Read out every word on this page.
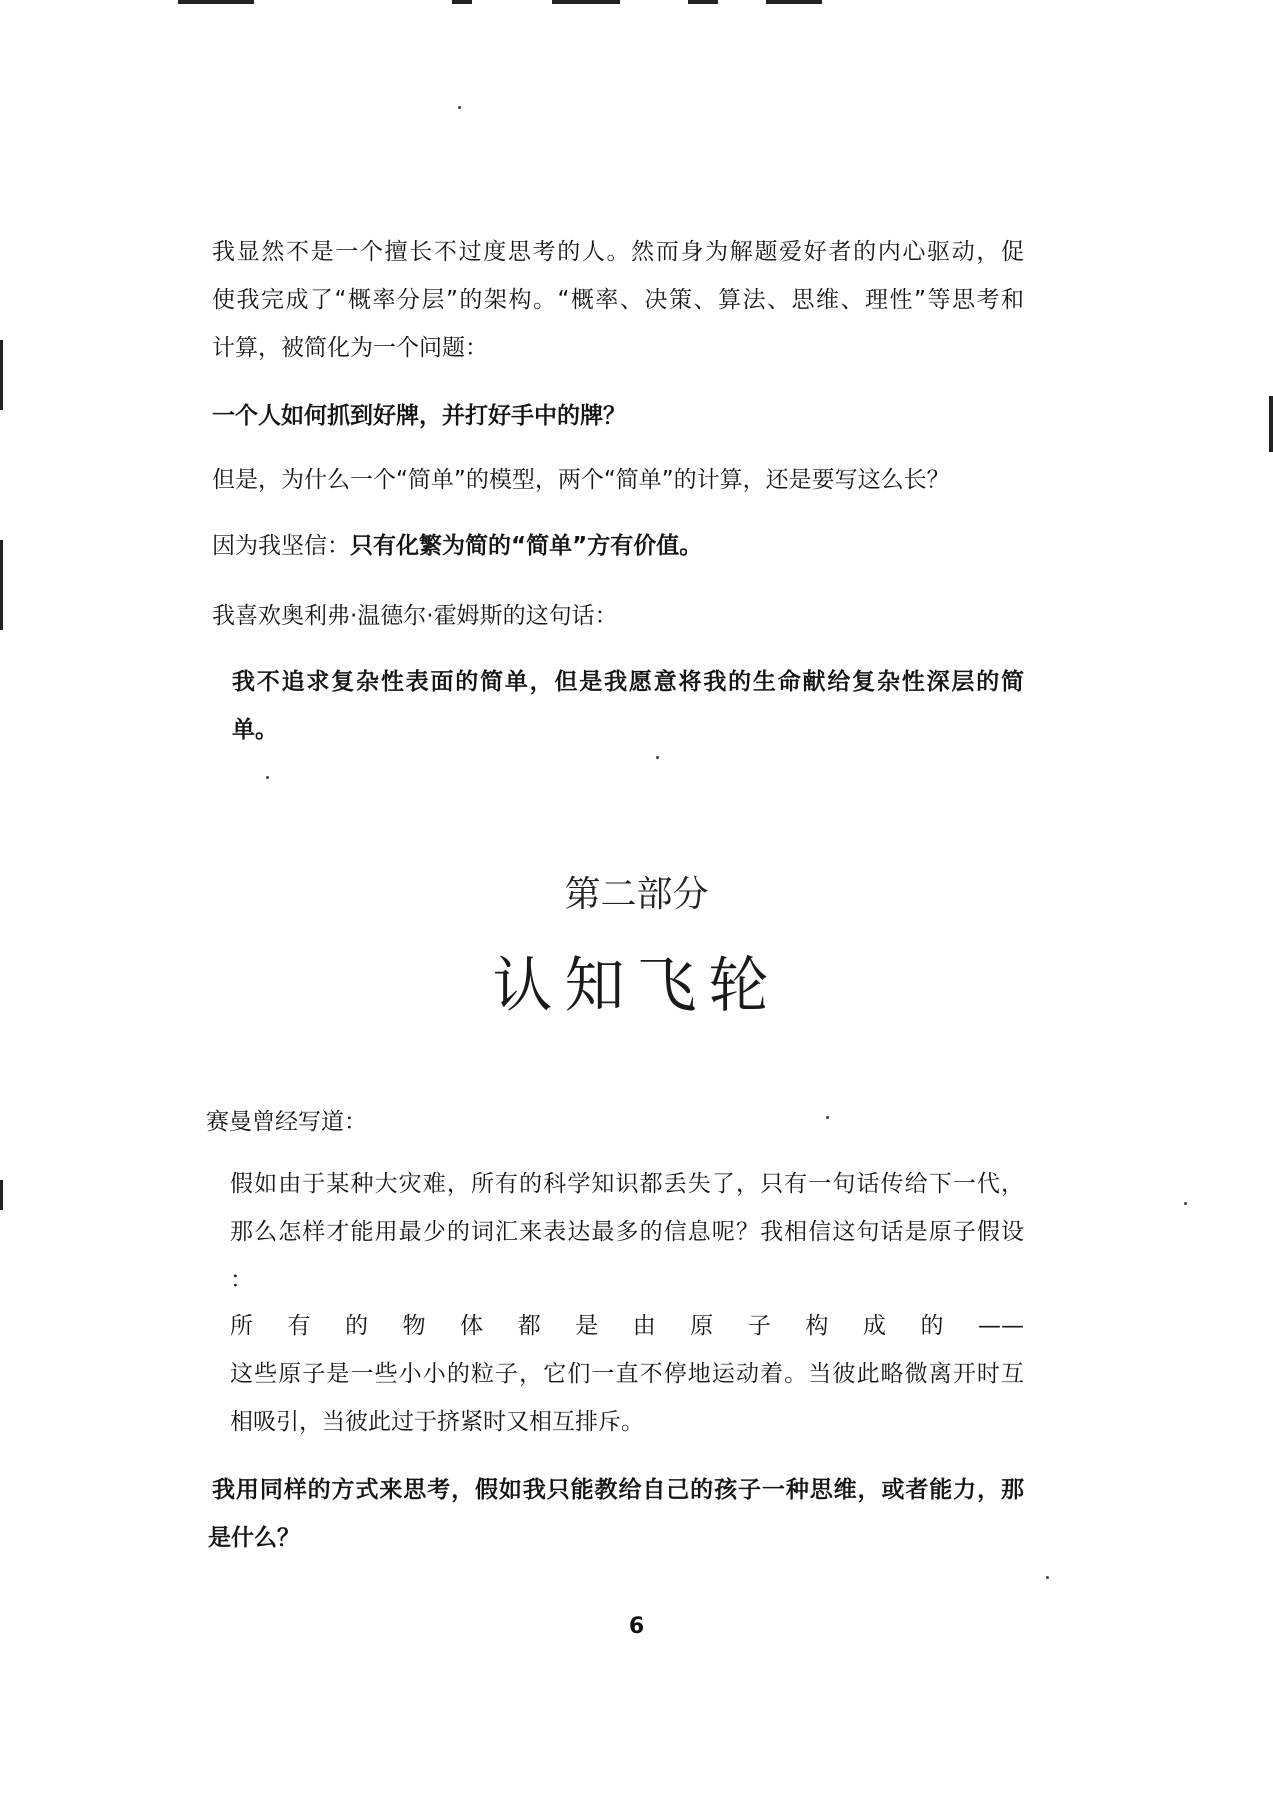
我显然不是一个擅长不过度思考的人。然而身为解题爱好者的内心驱动，促
使我完成了“概率分层”的架构。“概率、决策、算法、思维、理性”等思考和
计算，被简化为一个问题：
一个人如何抓到好牌，并打好手中的牌？
但是，为什么一个“简单”的模型，两个“简单”的计算，还是要写这么长？
因为我坚信：只有化繁为简的“简单”方有价值。
我喜欢奥利弗·温德尔·霍姆斯的这句话：
我不追求复杂性表面的简单，但是我愿意将我的生命献给复杂性深层的简
单。
第二部分
认知飞轮
赛曼曾经写道：
假如由于某种大灾难，所有的科学知识都丢失了，只有一句话传给下一代，
那么怎样才能用最少的词汇来表达最多的信息呢？我相信这句话是原子假设
：
所 有 的 物 体 都 是 由 原 子 构 成 的 ——
这些原子是一些小小的粒子，它们一直不停地运动着。当彼此略微离开时互
相吸引，当彼此过于挤紧时又相互排斥。
我用同样的方式来思考，假如我只能教给自己的孩子一种思维，或者能力，那
是什么？
6
